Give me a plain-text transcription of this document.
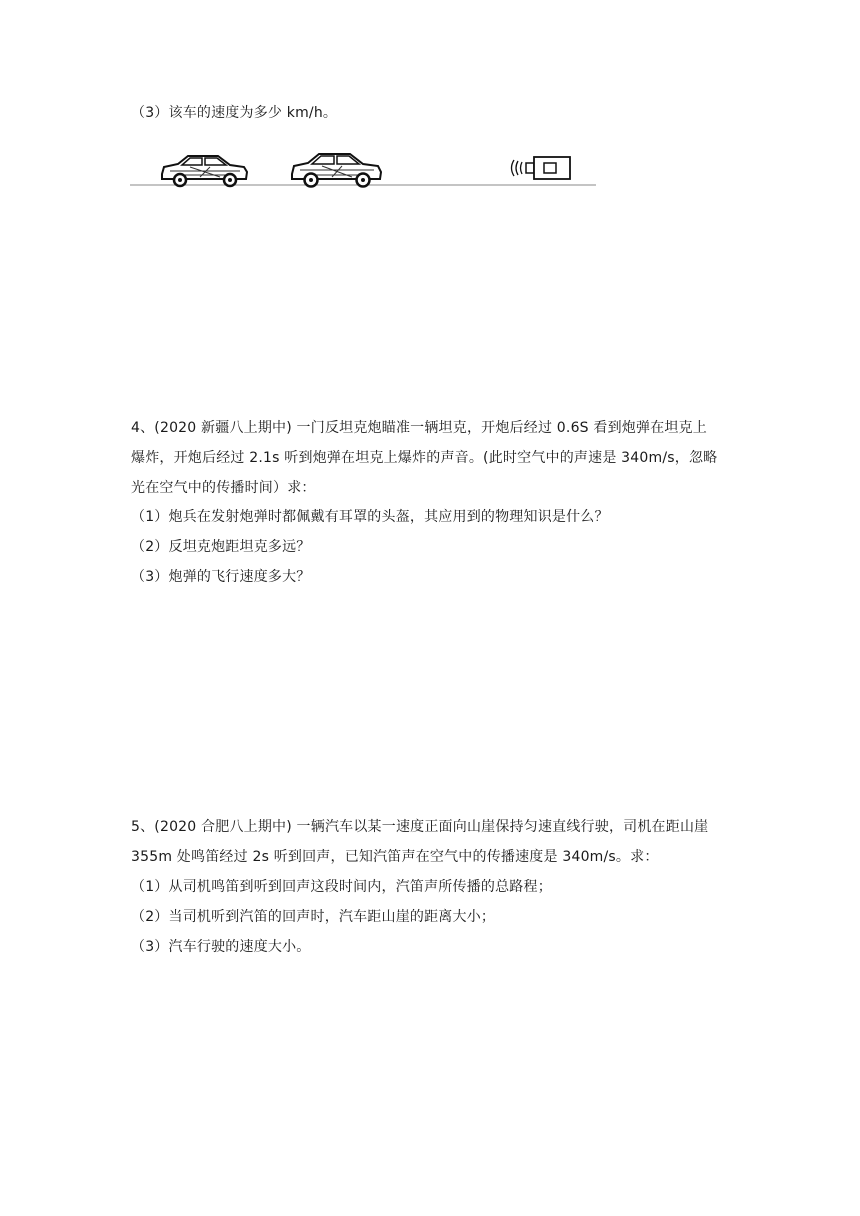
（3）该车的速度为多少 km/h。
4、(2020 新疆八上期中) 一门反坦克炮瞄准一辆坦克，开炮后经过 0.6S 看到炮弹在坦克上
爆炸，开炮后经过 2.1s 听到炮弹在坦克上爆炸的声音。(此时空气中的声速是 340m/s，忽略
光在空气中的传播时间）求：
（1）炮兵在发射炮弹时都佩戴有耳罩的头盔，其应用到的物理知识是什么？
（2）反坦克炮距坦克多远？
（3）炮弹的飞行速度多大？
5、(2020 合肥八上期中) 一辆汽车以某一速度正面向山崖保持匀速直线行驶，司机在距山崖
355m 处鸣笛经过 2s 听到回声，已知汽笛声在空气中的传播速度是 340m/s。求：
（1）从司机鸣笛到听到回声这段时间内，汽笛声所传播的总路程；
（2）当司机听到汽笛的回声时，汽车距山崖的距离大小；
（3）汽车行驶的速度大小。
